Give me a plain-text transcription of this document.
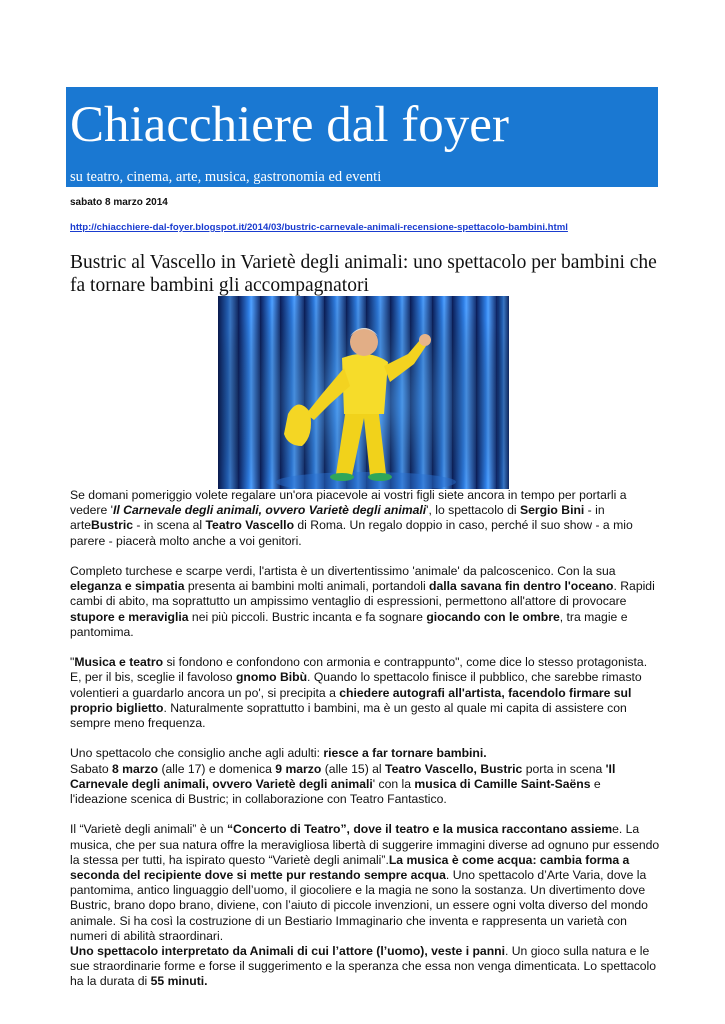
Chiacchiere dal foyer
su teatro, cinema, arte, musica, gastronomia ed eventi
sabato 8 marzo 2014
http://chiacchiere-dal-foyer.blogspot.it/2014/03/bustric-carnevale-animali-recensione-spettacolo-bambini.html
Bustric al Vascello in Varietè degli animali: uno spettacolo per bambini che fa tornare bambini gli accompagnatori

Se domani pomeriggio volete regalare un'ora piacevole ai vostri figli siete ancora in tempo per portarli a vedere 'Il Carnevale degli animali, ovvero Varietè degli animali', lo spettacolo di Sergio Bini - in arteBustric - in scena al Teatro Vascello di Roma. Un regalo doppio in caso, perché il suo show - a mio parere - piacerà molto anche a voi genitori.

Completo turchese e scarpe verdi, l'artista è un divertentissimo 'animale' da palcoscenico. Con la sua eleganza e simpatia presenta ai bambini molti animali, portandoli dalla savana fin dentro l'oceano. Rapidi cambi di abito, ma soprattutto un ampissimo ventaglio di espressioni, permettono all'attore di provocare stupore e meraviglia nei più piccoli. Bustric incanta e fa sognare giocando con le ombre, tra magie e pantomima.

"Musica e teatro si fondono e confondono con armonia e contrappunto", come dice lo stesso protagonista. E, per il bis, sceglie il favoloso gnomo Bibù. Quando lo spettacolo finisce il pubblico, che sarebbe rimasto volentieri a guardarlo ancora un po', si precipita a chiedere autografi all'artista, facendolo firmare sul proprio biglietto. Naturalmente soprattutto i bambini, ma è un gesto al quale mi capita di assistere con sempre meno frequenza.

Uno spettacolo che consiglio anche agli adulti: riesce a far tornare bambini.

Sabato 8 marzo (alle 17) e domenica 9 marzo (alle 15) al Teatro Vascello, Bustric porta in scena 'Il Carnevale degli animali, ovvero Varietè degli animali' con la musica di Camille Saint-Saëns e l'ideazione scenica di Bustric; in collaborazione con Teatro Fantastico.

Il “Varietè degli animali” è un “Concerto di Teatro”, dove il teatro e la musica raccontano assieme. La musica, che per sua natura offre la meravigliosa libertà di suggerire immagini diverse ad ognuno pur essendo la stessa per tutti, ha ispirato questo “Varietè degli animali”.La musica è come acqua: cambia forma a seconda del recipiente dove si mette pur restando sempre acqua. Uno spettacolo d’Arte Varia, dove la pantomima, antico linguaggio dell’uomo, il giocoliere e la magia ne sono la sostanza. Un divertimento dove Bustric, brano dopo brano, diviene, con l’aiuto di piccole invenzioni, un essere ogni volta diverso del mondo animale. Si ha così la costruzione di un Bestiario Immaginario che inventa e rappresenta un varietà con numeri di abilità straordinari.

Uno spettacolo interpretato da Animali di cui l’attore (l’uomo), veste i panni. Un gioco sulla natura e le sue straordinarie forme e forse il suggerimento e la speranza che essa non venga dimenticata. Lo spettacolo ha la durata di 55 minuti.
